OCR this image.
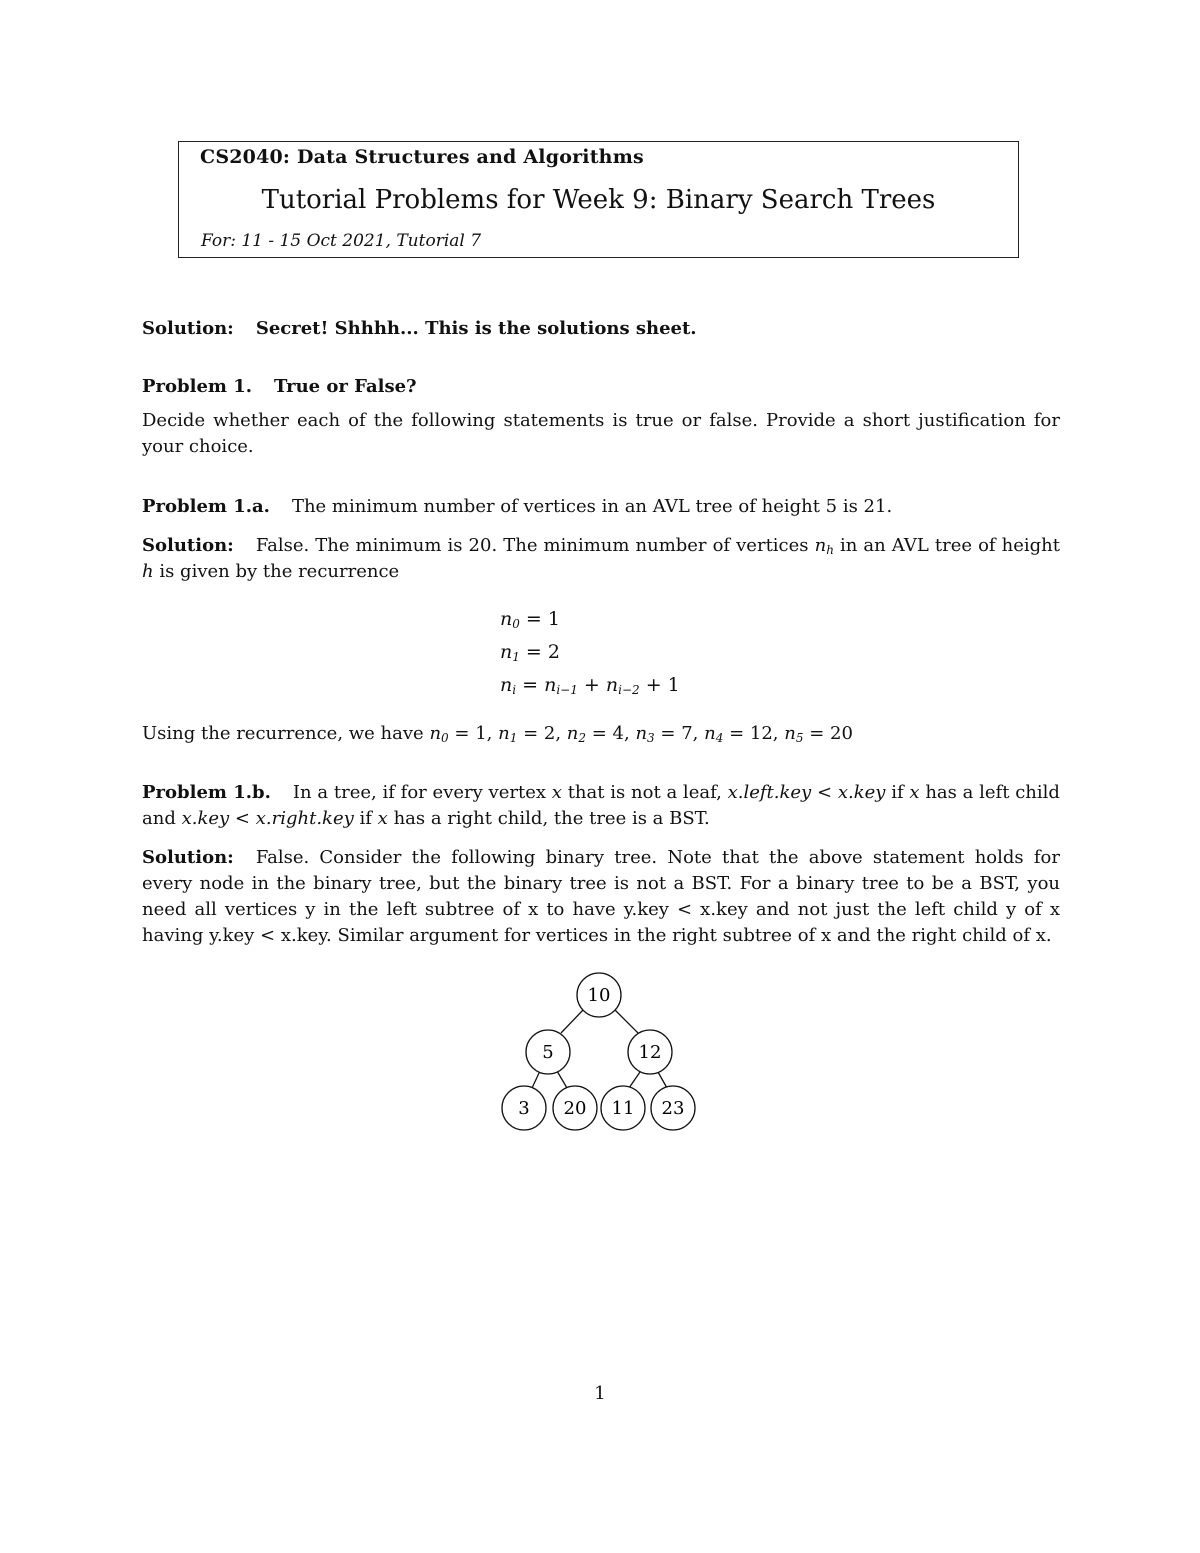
CS2040: Data Structures and Algorithms
Tutorial Problems for Week 9: Binary Search Trees
For: 11 - 15 Oct 2021, Tutorial 7
Solution: Secret! Shhhh... This is the solutions sheet.
Problem 1. True or False?
Decide whether each of the following statements is true or false. Provide a short justification for your choice.
Problem 1.a. The minimum number of vertices in an AVL tree of height 5 is 21.
Solution: False. The minimum is 20. The minimum number of vertices $n_h$ in an AVL tree of height h is given by the recurrence
$n_0 = 1$
$n_1 = 2$
$n_i = n_{i-1} + n_{i-2} + 1$
Using the recurrence, we have $n_0 = 1$, $n_1 = 2$, $n_2 = 4$, $n_3 = 7$, $n_4 = 12$, $n_5 = 20$
Problem 1.b. In a tree, if for every vertex x that is not a leaf, x.left.key < x.key if x has a left child and x.key < x.right.key if x has a right child, the tree is a BST.
Solution: False. Consider the following binary tree. Note that the above statement holds for every node in the binary tree, but the binary tree is not a BST. For a binary tree to be a BST, you need all vertices y in the left subtree of x to have y.key < x.key and not just the left child y of x having y.key < x.key. Similar argument for vertices in the right subtree of x and the right child of x.
10
5	12
3 20 11 23
1
